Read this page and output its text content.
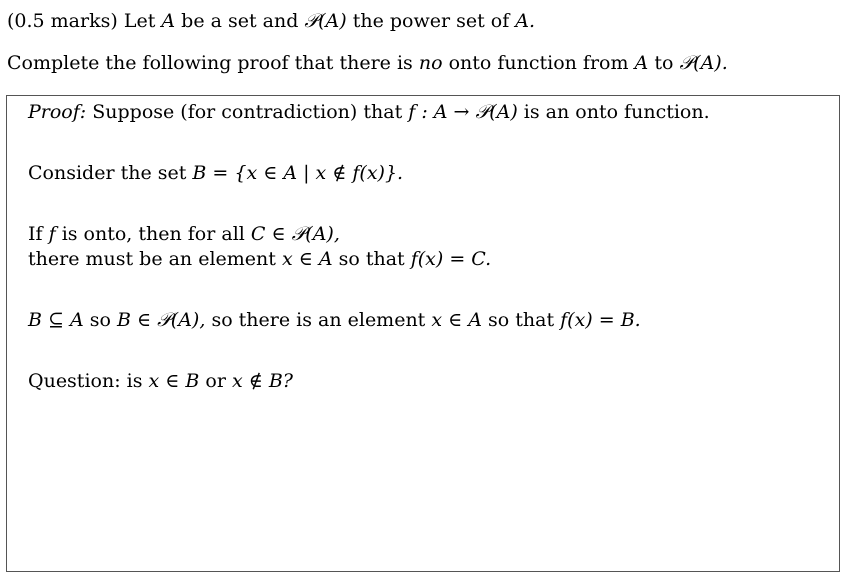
(0.5 marks) Let A be a set and 𝒫(A) the power set of A.
Complete the following proof that there is no onto function from A to 𝒫(A).
Proof: Suppose (for contradiction) that f : A → 𝒫(A) is an onto function.
Consider the set B = {x ∈ A | x ∉ f(x)}.
If f is onto, then for all C ∈ 𝒫(A),
there must be an element x ∈ A so that f(x) = C.
B ⊆ A so B ∈ 𝒫(A), so there is an element x ∈ A so that f(x) = B.
Question: is x ∈ B or x ∉ B?
